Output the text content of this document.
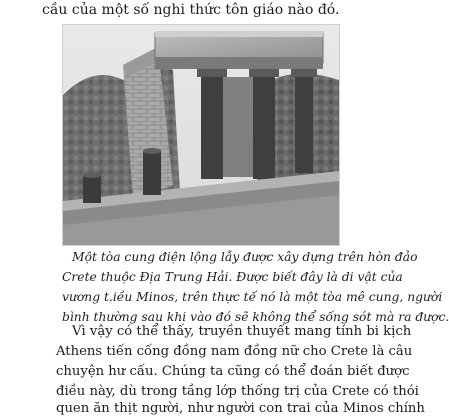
cầu của một số nghi thức tôn giáo nào đó.
Một tòa cung điện lộng lẫy được xây dựng trên hòn đảo
Crete thuộc Địa Trung Hải. Được biết đây là di vật của
vương t.iều Minos, trên thực tế nó là một tòa mê cung, người
bình thường sau khi vào đó sẽ không thể sống sót mà ra được.
Vì vậy có thể thấy, truyền thuyết mang tính bi kịch
Athens tiến cống đồng nam đồng nữ cho Crete là câu
chuyện hư cấu. Chúng ta cũng có thể đoán biết được
điều này, dù trong tầng lớp thống trị của Crete có thói
quen ăn thịt người, như người con trai của Minos chính
